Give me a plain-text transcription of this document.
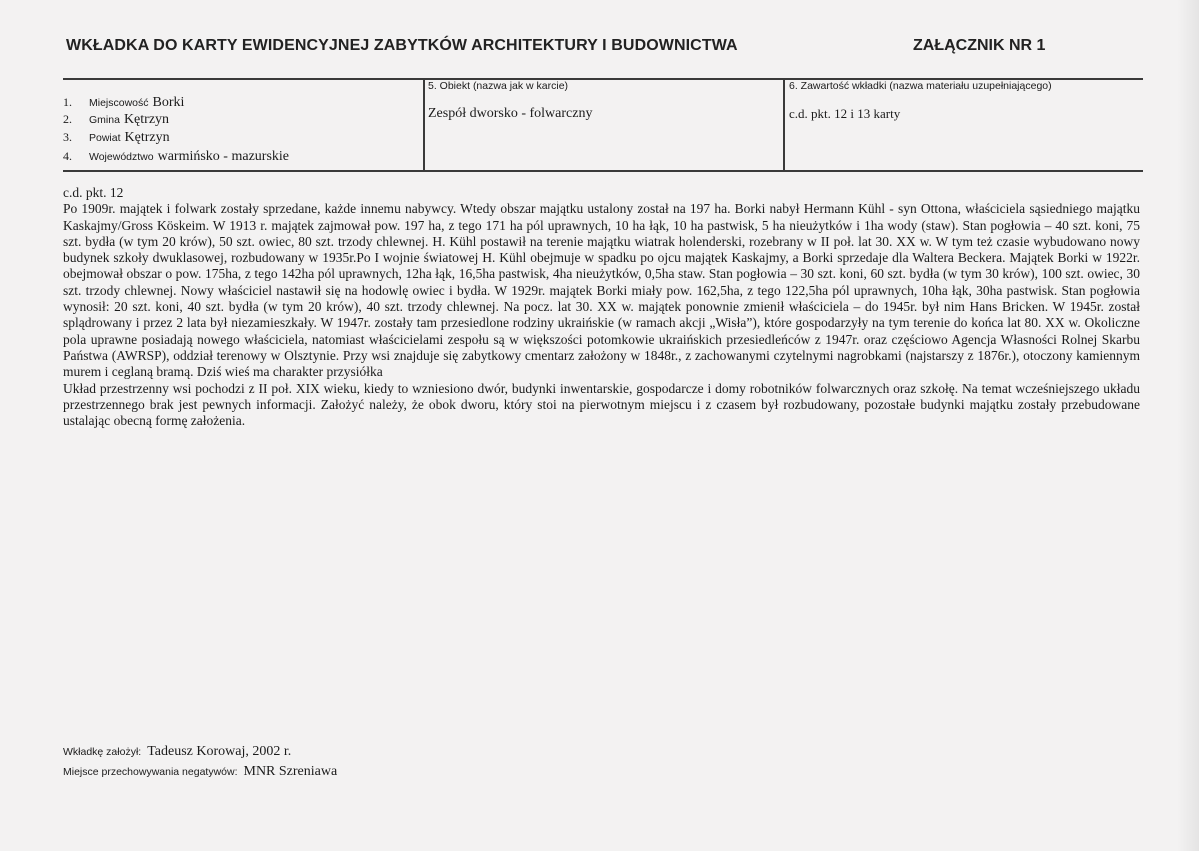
WKŁADKA DO KARTY EWIDENCYJNEJ ZABYTKÓW ARCHITEKTURY I BUDOWNICTWA	ZAŁĄCZNIK NR 1
1. Miejscowość Borki
2. Gmina Kętrzyn
3. Powiat Kętrzyn
4. Województwo warmińsko - mazurskie
5. Obiekt (nazwa jak w karcie)
Zespół dworsko - folwarczny
6. Zawartość wkładki (nazwa materiału uzupełniającego)
c.d. pkt. 12 i 13 karty

c.d. pkt. 12

Po 1909r. majątek i folwark zostały sprzedane, każde innemu nabywcy. Wtedy obszar majątku ustalony został na 197 ha. Borki nabył Hermann Kühl - syn Ottona, właściciela sąsiedniego majątku Kaskajmy/Gross Köskeim. W 1913 r. majątek zajmował pow. 197 ha, z tego 171 ha pól uprawnych, 10 ha łąk, 10 ha pastwisk, 5 ha nieużytków i 1ha wody (staw). Stan pogłowia – 40 szt. koni, 75 szt. bydła (w tym 20 krów), 50 szt. owiec, 80 szt. trzody chlewnej. H. Kühl postawił na terenie majątku wiatrak holenderski, rozebrany w II poł. lat 30. XX w. W tym też czasie wybudowano nowy budynek szkoły dwuklasowej, rozbudowany w 1935r.Po I wojnie światowej H. Kühl obejmuje w spadku po ojcu majątek Kaskajmy, a Borki sprzedaje dla Waltera Beckera. Majątek Borki w 1922r. obejmował obszar o pow. 175ha, z tego 142ha pól uprawnych, 12ha łąk, 16,5ha pastwisk, 4ha nieużytków, 0,5ha staw. Stan pogłowia – 30 szt. koni, 60 szt. bydła (w tym 30 krów), 100 szt. owiec, 30 szt. trzody chlewnej. Nowy właściciel nastawił się na hodowlę owiec i bydła. W 1929r. majątek Borki miały pow. 162,5ha, z tego 122,5ha pól uprawnych, 10ha łąk, 30ha pastwisk. Stan pogłowia wynosił: 20 szt. koni, 40 szt. bydła (w tym 20 krów), 40 szt. trzody chlewnej. Na pocz. lat 30. XX w. majątek ponownie zmienił właściciela – do 1945r. był nim Hans Bricken. W 1945r. został splądrowany i przez 2 lata był niezamieszkały. W 1947r. zostały tam przesiedlone rodziny ukraińskie (w ramach akcji „Wisła”), które gospodarzyły na tym terenie do końca lat 80. XX w. Okoliczne pola uprawne posiadają nowego właściciela, natomiast właścicielami zespołu są w większości potomkowie ukraińskich przesiedleńców z 1947r. oraz częściowo Agencja Własności Rolnej Skarbu Państwa (AWRSP), oddział terenowy w Olsztynie. Przy wsi znajduje się zabytkowy cmentarz założony w 1848r., z zachowanymi czytelnymi nagrobkami (najstarszy z 1876r.), otoczony kamiennym murem i ceglaną bramą. Dziś wieś ma charakter przysiółka

Układ przestrzenny wsi pochodzi z II poł. XIX wieku, kiedy to wzniesiono dwór, budynki inwentarskie, gospodarcze i domy robotników folwarcznych oraz szkołę. Na temat wcześniejszego układu przestrzennego brak jest pewnych informacji. Założyć należy, że obok dworu, który stoi na pierwotnym miejscu i z czasem był rozbudowany, pozostałe budynki majątku zostały przebudowane ustalając obecną formę założenia.

Wkładkę założył: Tadeusz Korowaj, 2002 r.
Miejsce przechowywania negatywów: MNR Szreniawa
